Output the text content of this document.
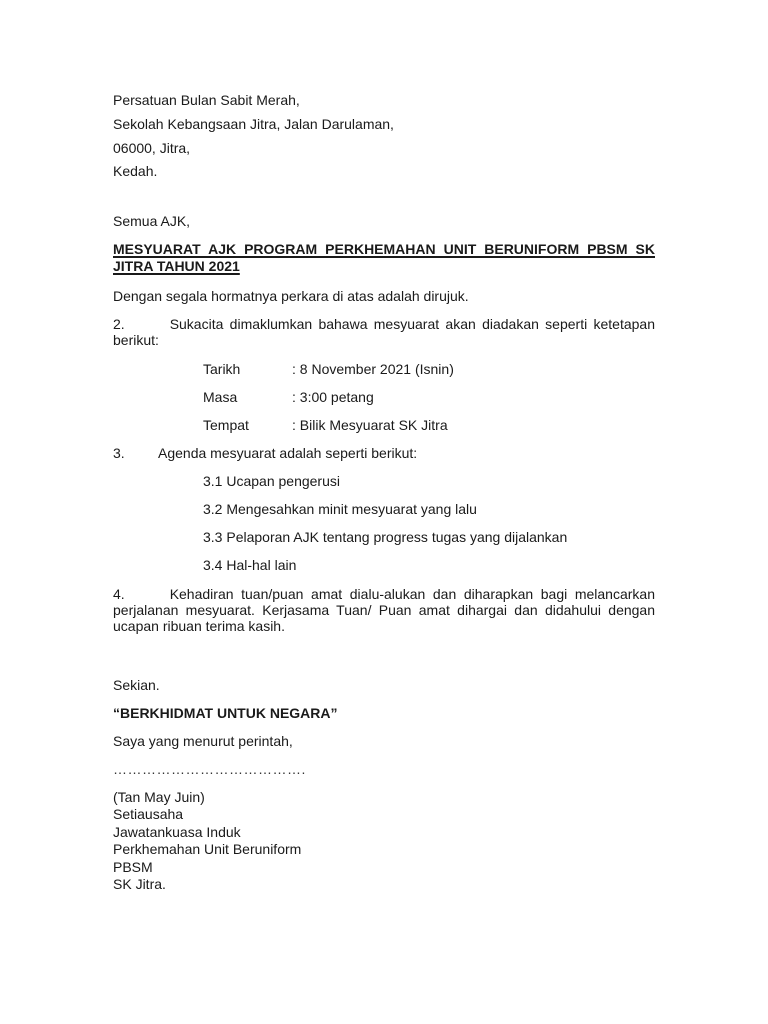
Persatuan Bulan Sabit Merah,
Sekolah Kebangsaan Jitra, Jalan Darulaman,
06000, Jitra,
Kedah.
Semua AJK,
MESYUARAT AJK PROGRAM PERKHEMAHAN UNIT BERUNIFORM PBSM SK JITRA TAHUN 2021
Dengan segala hormatnya perkara di atas adalah dirujuk.
2.	Sukacita dimaklumkan bahawa mesyuarat akan diadakan seperti ketetapan berikut:
Tarikh	: 8 November 2021 (Isnin)
Masa	: 3:00 petang
Tempat	: Bilik Mesyuarat SK Jitra
3. Agenda mesyuarat adalah seperti berikut:
3.1 Ucapan pengerusi
3.2 Mengesahkan minit mesyuarat yang lalu
3.3 Pelaporan AJK tentang progress tugas yang dijalankan
3.4 Hal-hal lain
4.	Kehadiran tuan/puan amat dialu-alukan dan diharapkan bagi melancarkan perjalanan mesyuarat. Kerjasama Tuan/ Puan amat dihargai dan didahului dengan ucapan ribuan terima kasih.
Sekian.
“BERKHIDMAT UNTUK NEGARA”
Saya yang menurut perintah,
………………………………….
(Tan May Juin)
Setiausaha
Jawatankuasa Induk
Perkhemahan Unit Beruniform
PBSM
SK Jitra.
